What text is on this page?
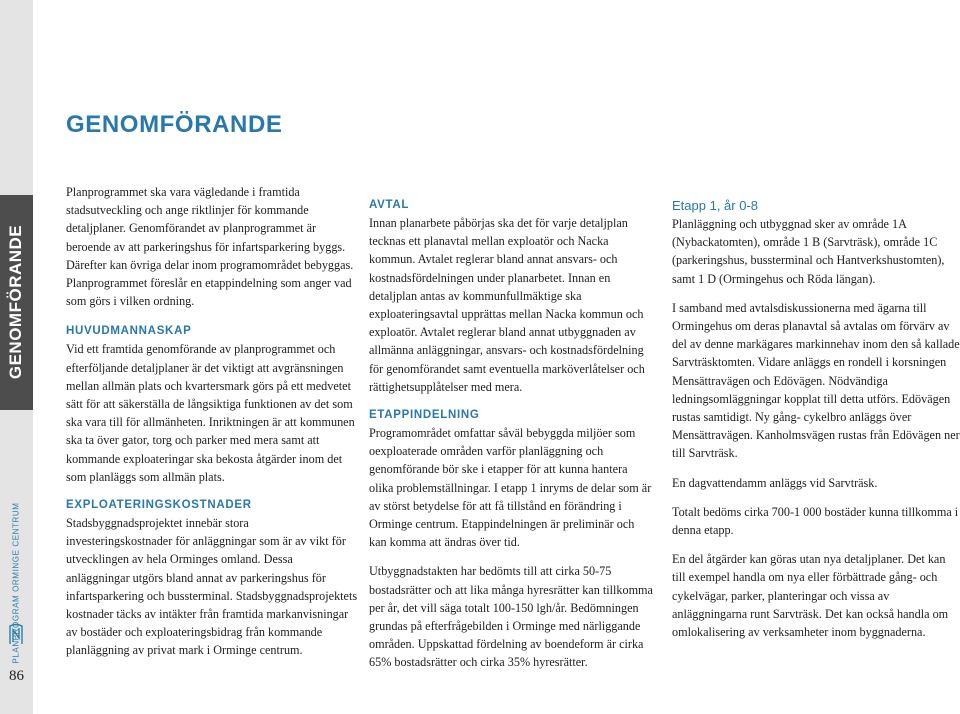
GENOMFÖRANDE
PLANPROGRAM ORMINGE CENTRUM
86
GENOMFÖRANDE

Planprogrammet ska vara vägledande i framtida stadsutveckling och ange riktlinjer för kommande detaljplaner. Genomförandet av planprogrammet är beroende av att parkeringshus för infartsparkering byggs. Därefter kan övriga delar inom programområdet bebyggas. Planprogrammet föreslår en etappindelning som anger vad som görs i vilken ordning.

HUVUDMANNASKAP

Vid ett framtida genomförande av planprogrammet och efterföljande detaljplaner är det viktigt att avgränsningen mellan allmän plats och kvartersmark görs på ett medvetet sätt för att säkerställa de långsiktiga funktionen av det som ska vara till för allmänheten. Inriktningen är att kommunen ska ta över gator, torg och parker med mera samt att kommande exploateringar ska bekosta åtgärder inom det som planläggs som allmän plats.

EXPLOATERINGSKOSTNADER

Stadsbyggnadsprojektet innebär stora investeringskostnader för anläggningar som är av vikt för utvecklingen av hela Orminges omland. Dessa anläggningar utgörs bland annat av parkeringshus för infartsparkering och bussterminal. Stadsbyggnadsprojektets kostnader täcks av intäkter från framtida markanvisningar av bostäder och exploateringsbidrag från kommande planläggning av privat mark i Orminge centrum.

AVTAL

Innan planarbete påbörjas ska det för varje detaljplan tecknas ett planavtal mellan exploatör och Nacka kommun. Avtalet reglerar bland annat ansvars- och kostnadsfördelningen under planarbetet. Innan en detaljplan antas av kommunfullmäktige ska exploateringsavtal upprättas mellan Nacka kommun och exploatör. Avtalet reglerar bland annat utbyggnaden av allmänna anläggningar, ansvars- och kostnadsfördelning för genomförandet samt eventuella marköverlåtelser och rättighetsupplåtelser med mera.

ETAPPINDELNING

Programområdet omfattar såväl bebyggda miljöer som oexploaterade områden varför planläggning och genomförande bör ske i etapper för att kunna hantera olika problemställningar. I etapp 1 inryms de delar som är av störst betydelse för att få tillstånd en förändring i Orminge centrum. Etappindelningen är preliminär och kan komma att ändras över tid.

Utbyggnadstakten har bedömts till att cirka 50-75 bostadsrätter och att lika många hyresrätter kan tillkomma per år, det vill säga totalt 100-150 lgh/år. Bedömningen grundas på efterfrågebilden i Orminge med närliggande områden. Uppskattad fördelning av boendeform är cirka 65% bostadsrätter och cirka 35% hyresrätter.

Etapp 1, år 0-8

Planläggning och utbyggnad sker av område 1A (Nybackatomten), område 1 B (Sarvträsk), område 1C (parkeringshus, bussterminal och Hantverkshustomten), samt 1 D (Ormingehus och Röda längan).

I samband med avtalsdiskussionerna med ägarna till Ormingehus om deras planavtal så avtalas om förvärv av del av denne markägares markinnehav inom den så kallade Sarvträsktomten. Vidare anläggs en rondell i korsningen Mensättravägen och Edövägen. Nödvändiga ledningsomläggningar kopplat till detta utförs. Edövägen rustas samtidigt. Ny gång- cykelbro anläggs över Mensättravägen. Kanholmsvägen rustas från Edövägen ner till Sarvträsk.

En dagvattendamm anläggs vid Sarvträsk.

Totalt bedöms cirka 700-1 000 bostäder kunna tillkomma i denna etapp.

En del åtgärder kan göras utan nya detaljplaner. Det kan till exempel handla om nya eller förbättrade gång- och cykelvägar, parker, planteringar och vissa av anläggningarna runt Sarvträsk. Det kan också handla om omlokalisering av verksamheter inom byggnaderna.
